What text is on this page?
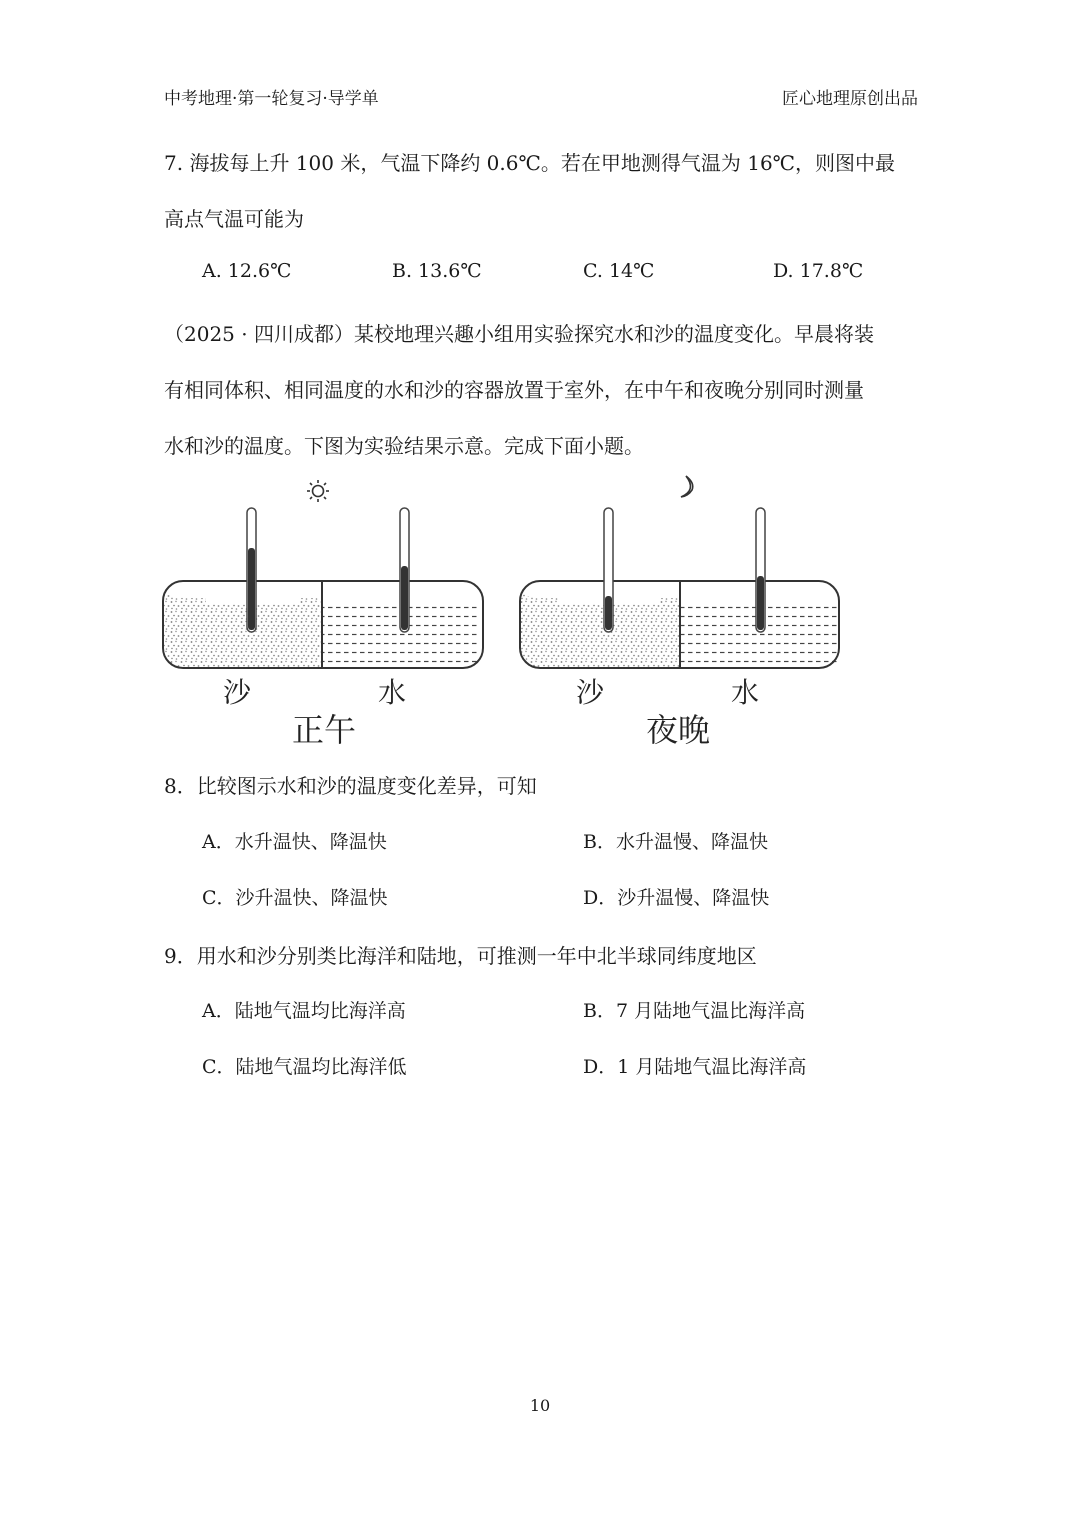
中考地理·第一轮复习·导学单	匠心地理原创出品
7. 海拔每上升 100 米，气温下降约 0.6℃。若在甲地测得气温为 16℃，则图中最
高点气温可能为
A. 12.6℃	B. 13.6℃	C. 14℃	D. 17.8℃
（2025 · 四川成都）某校地理兴趣小组用实验探究水和沙的温度变化。早晨将装
有相同体积、相同温度的水和沙的容器放置于室外，在中午和夜晚分别同时测量
水和沙的温度。下图为实验结果示意。完成下面小题。
沙	水
正午
沙	水
夜晚
8．比较图示水和沙的温度变化差异，可知
A．水升温快、降温快	B．水升温慢、降温快
C．沙升温快、降温快	D．沙升温慢、降温快
9．用水和沙分别类比海洋和陆地，可推测一年中北半球同纬度地区
A．陆地气温均比海洋高	B．7 月陆地气温比海洋高
C．陆地气温均比海洋低	D．1 月陆地气温比海洋高
10
